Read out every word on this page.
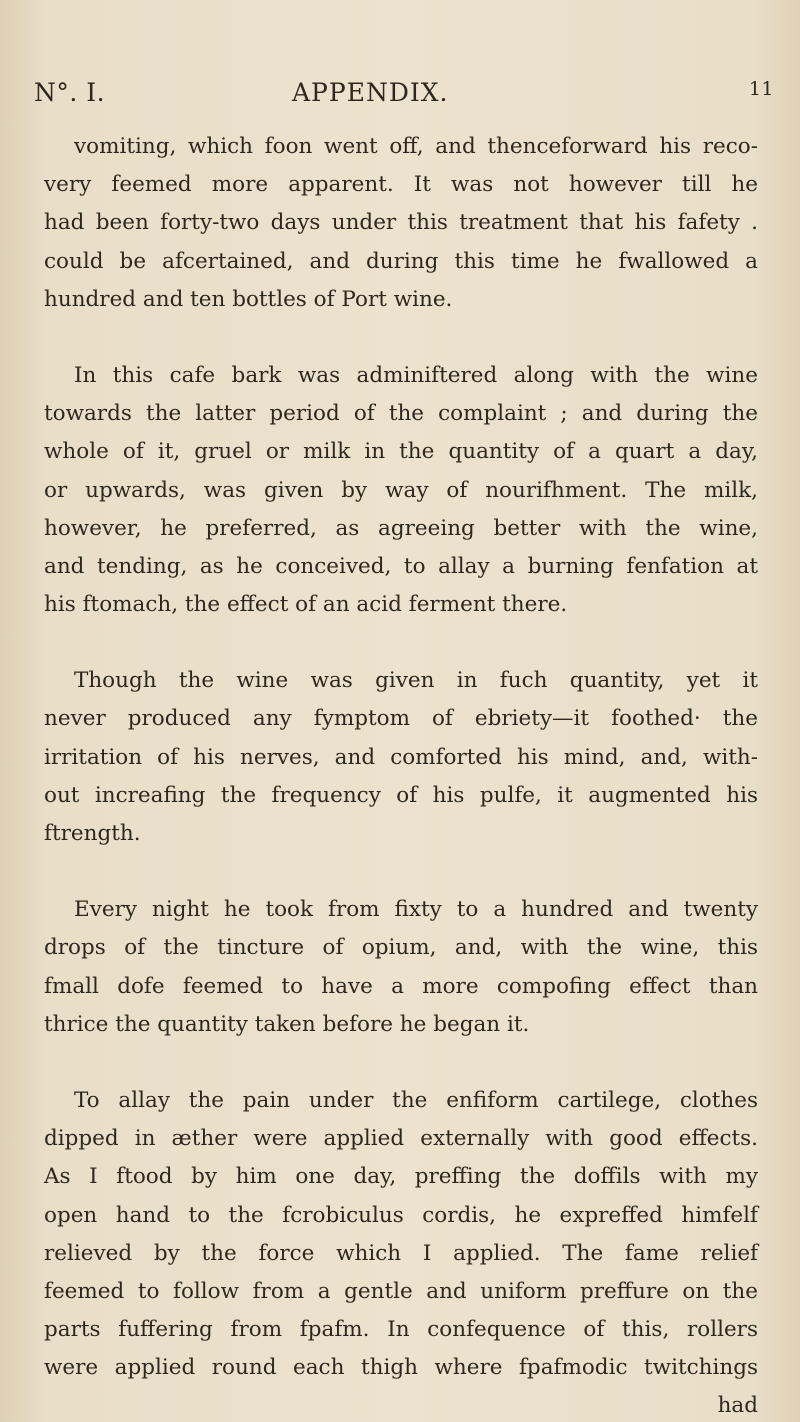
N°. I.	APPENDIX.	11
vomiting, which foon went off, and thenceforward his reco-
very feemed more apparent. It was not however till he
had been forty-two days under this treatment that his fafety .
could be afcertained, and during this time he fwallowed a
hundred and ten bottles of Port wine.
In this cafe bark was adminiftered along with the wine
towards the latter period of the complaint ; and during the
whole of it, gruel or milk in the quantity of a quart a day,
or upwards, was given by way of nourifhment. The milk,
however, he preferred, as agreeing better with the wine,
and tending, as he conceived, to allay a burning fenfation at
his ftomach, the effect of an acid ferment there.
Though the wine was given in fuch quantity, yet it
never produced any fymptom of ebriety—it foothed· the
irritation of his nerves, and comforted his mind, and, with-
out increafing the frequency of his pulfe, it augmented his
ftrength.
Every night he took from fixty to a hundred and twenty
drops of the tincture of opium, and, with the wine, this
fmall dofe feemed to have a more compofing effect than
thrice the quantity taken before he began it.
To allay the pain under the enfiform cartilege, clothes
dipped in æther were applied externally with good effects.
As I ftood by him one day, preffing the doffils with my
open hand to the fcrobiculus cordis, he expreffed himfelf
relieved by the force which I applied. The fame relief
feemed to follow from a gentle and uniform preffure on the
parts fuffering from fpafm. In confequence of this, rollers
were applied round each thigh where fpafmodic twitchings
had
